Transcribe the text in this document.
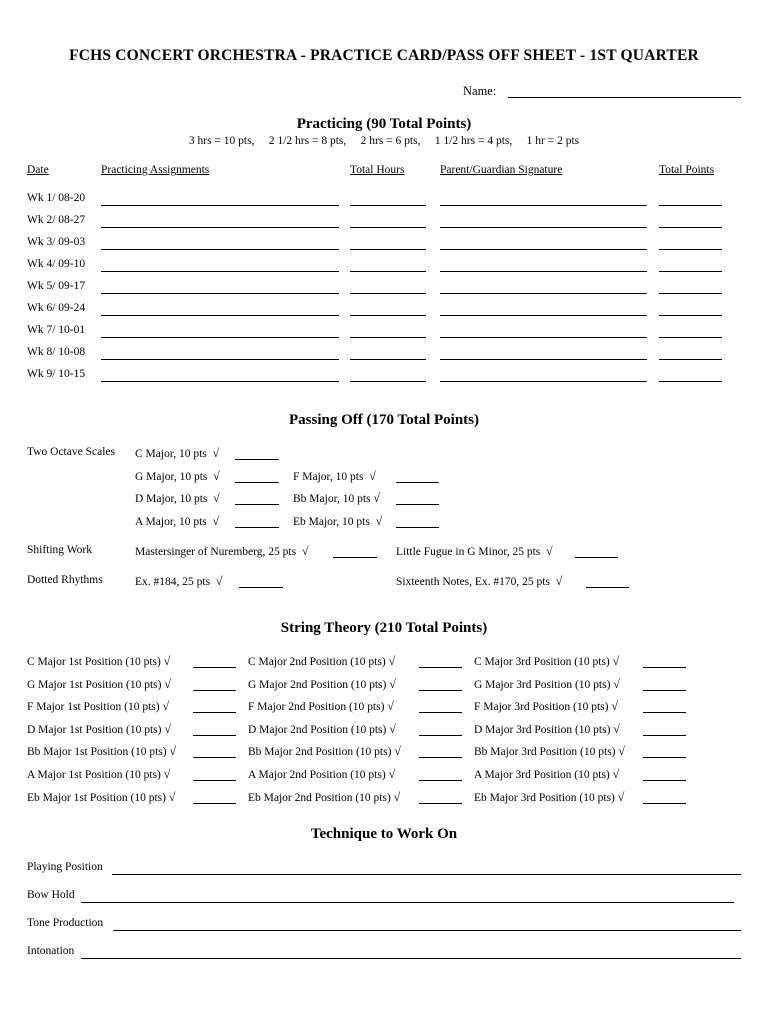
FCHS CONCERT ORCHESTRA - PRACTICE CARD/PASS OFF SHEET - 1ST QUARTER
Name:
Practicing (90 Total Points)
3 hrs = 10 pts, 2 1/2 hrs = 8 pts, 2 hrs = 6 pts, 1 1/2 hrs = 4 pts, 1 hr = 2 pts
Date	Practicing Assignments	Total Hours	Parent/Guardian Signature	Total Points
Wk 1/ 08-20
Wk 2/ 08-27
Wk 3/ 09-03
Wk 4/ 09-10
Wk 5/ 09-17
Wk 6/ 09-24
Wk 7/ 10-01
Wk 8/ 10-08
Wk 9/ 10-15
Passing Off (170 Total Points)
Two Octave Scales C Major, 10 pts √
G Major, 10 pts √	F Major, 10 pts √
D Major, 10 pts √	Bb Major, 10 pts √
A Major, 10 pts √	Eb Major, 10 pts √
Shifting Work	Mastersinger of Nuremberg, 25 pts √	Little Fugue in G Minor, 25 pts √
Dotted Rhythms	Ex. #184, 25 pts √	Sixteenth Notes, Ex. #170, 25 pts √
String Theory (210 Total Points)
C Major 1st Position (10 pts) √	C Major 2nd Position (10 pts) √	C Major 3rd Position (10 pts) √
G Major 1st Position (10 pts) √	G Major 2nd Position (10 pts) √	G Major 3rd Position (10 pts) √
F Major 1st Position (10 pts) √	F Major 2nd Position (10 pts) √	F Major 3rd Position (10 pts) √
D Major 1st Position (10 pts) √	D Major 2nd Position (10 pts) √	D Major 3rd Position (10 pts) √
Bb Major 1st Position (10 pts) √	Bb Major 2nd Position (10 pts) √	Bb Major 3rd Position (10 pts) √
A Major 1st Position (10 pts) √	A Major 2nd Position (10 pts) √	A Major 3rd Position (10 pts) √
Eb Major 1st Position (10 pts) √	Eb Major 2nd Position (10 pts) √	Eb Major 3rd Position (10 pts) √
Technique to Work On
Playing Position
Bow Hold
Tone Production
Intonation
